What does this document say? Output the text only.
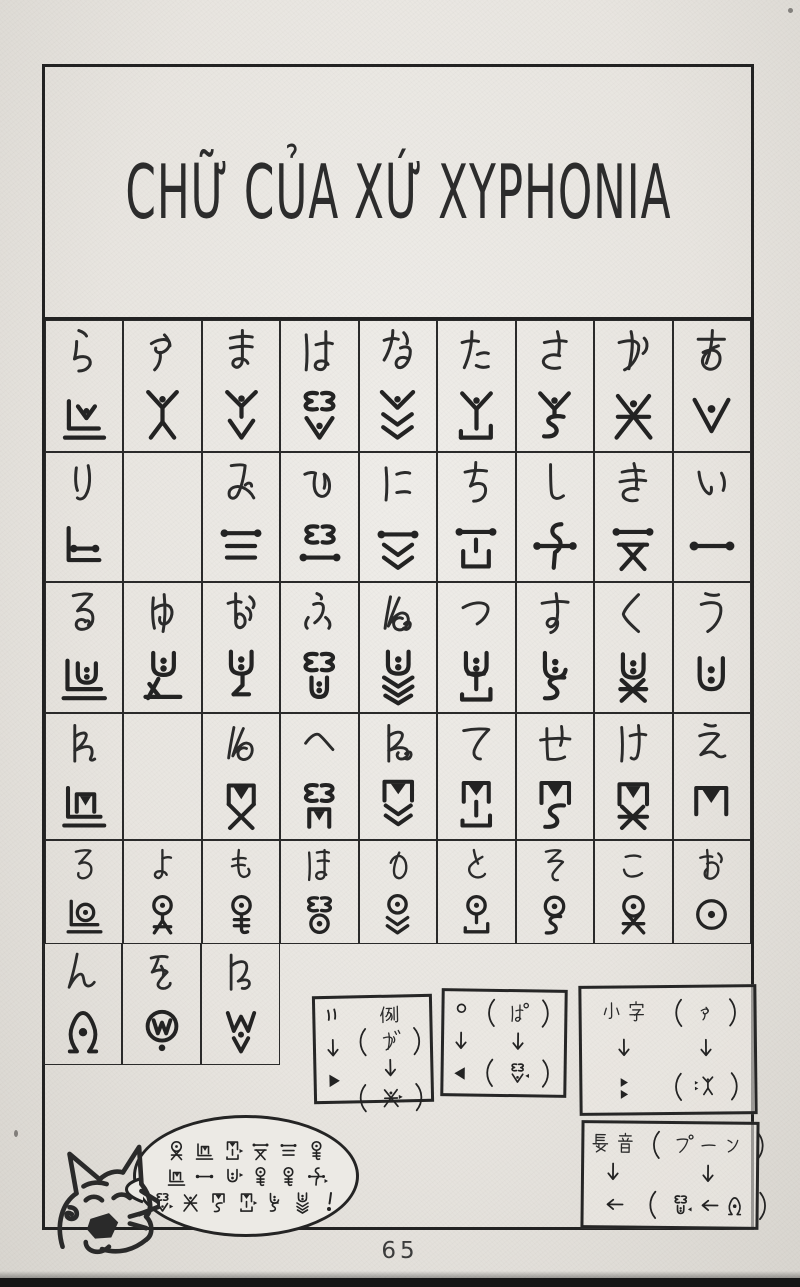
CHỮ CỦA XỨ XYPHONIA
65
